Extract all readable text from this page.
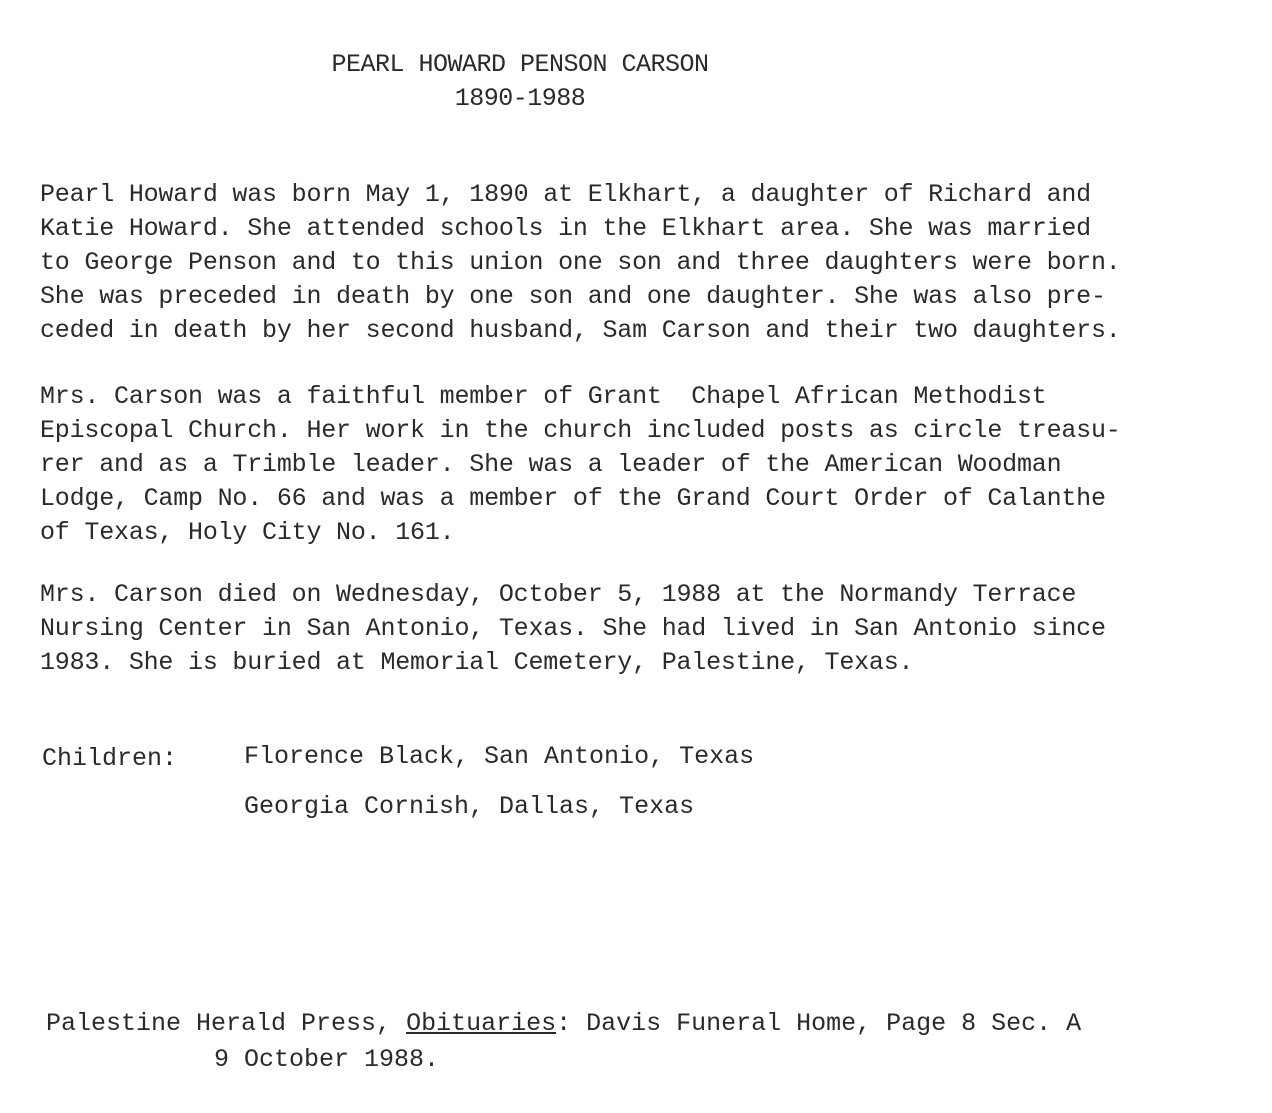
PEARL HOWARD PENSON CARSON
1890-1988
Pearl Howard was born May 1, 1890 at Elkhart, a daughter of Richard and
Katie Howard. She attended schools in the Elkhart area. She was married
to George Penson and to this union one son and three daughters were born.
She was preceded in death by one son and one daughter. She was also pre-
ceded in death by her second husband, Sam Carson and their two daughters.
Mrs. Carson was a faithful member of Grant  Chapel African Methodist
Episcopal Church. Her work in the church included posts as circle treasu-
rer and as a Trimble leader. She was a leader of the American Woodman
Lodge, Camp No. 66 and was a member of the Grand Court Order of Calanthe
of Texas, Holy City No. 161.
Mrs. Carson died on Wednesday, October 5, 1988 at the Normandy Terrace
Nursing Center in San Antonio, Texas. She had lived in San Antonio since
1983. She is buried at Memorial Cemetery, Palestine, Texas.
Children:	Florence Black, San Antonio, Texas
Georgia Cornish, Dallas, Texas
Palestine Herald Press, Obituaries: Davis Funeral Home, Page 8 Sec. A
9 October 1988.
